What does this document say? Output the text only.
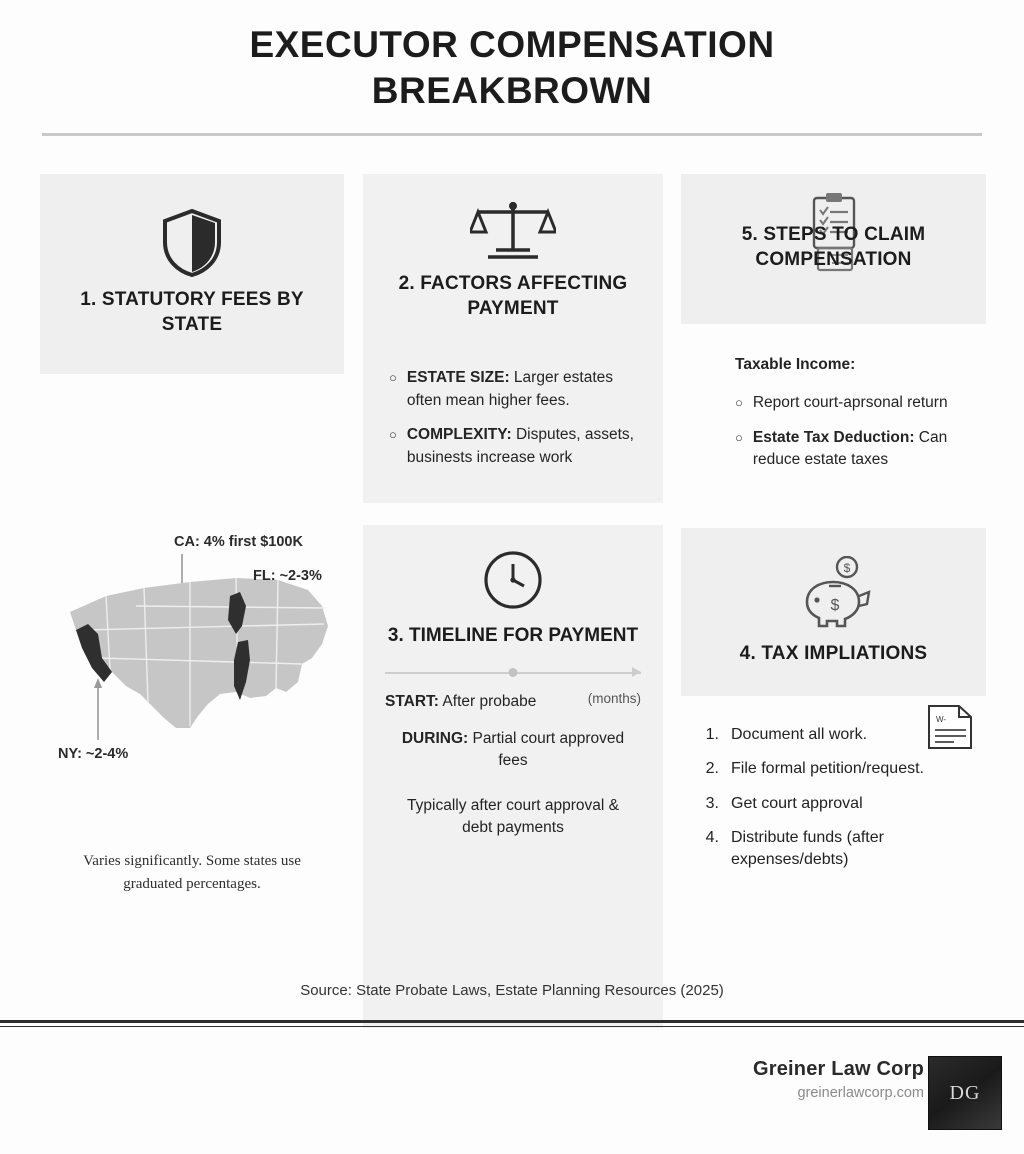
EXECUTOR COMPENSATION
BREAKBROWN
1. STATUTORY FEES BY STATE
CA: 4% first $100K
FL: ~2-3%
NY: ~2-4%
Varies significantly. Some states use graduated percentages.
2. FACTORS AFFECTING PAYMENT
○ ESTATE SIZE: Larger estates often mean higher fees.
○ COMPLEXITY: Disputes, assets, businests increase work
3. TIMELINE FOR PAYMENT
START: After probabe	(months)
DURING: Partial court approved fees
Typically after court approval & debt payments
5. STEPS TO CLAIM COMPENSATION
Taxable Income:
○ Report court-aprsonal return
○ Estate Tax Deduction: Can reduce estate taxes
$
$
4. TAX IMPLIATIONS
W-
1. Document all work.
2. File formal petition/request.
3. Get court approval
4. Distribute funds (after expenses/debts)
Source: State Probate Laws, Estate Planning Resources (2025)
Greiner Law Corp
greinerlawcorp.com DG
